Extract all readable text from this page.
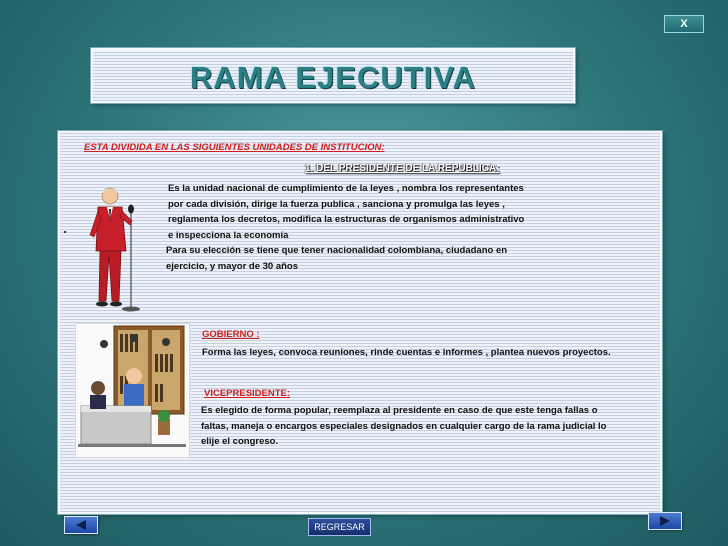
X
RAMA EJECUTIVA
ESTA DIVIDIDA EN LAS SIGUIENTES UNIDADES DE INSTITUCION:
1. DEL PRESIDENTE DE LA REPUBLICA:
Es la unidad nacional de cumplimiento de la leyes , nombra los representantes
por cada división, dirige la fuerza publica , sanciona y promulga las leyes ,
reglamenta los decretos, modifica la estructuras de organismos administrativo
e inspecciona la economía
Para su elección se tiene que tener nacionalidad colombiana, ciudadano en
ejercicio, y mayor de 30 años
GOBIERNO :
Forma las leyes, convoca reuniones, rinde cuentas e informes , plantea nuevos proyectos.
VICEPRESIDENTE:
Es elegido de forma popular, reemplaza al presidente en caso de que este tenga fallas o
faltas, maneja o encargos especiales designados en cualquier cargo de la rama judicial lo
elije el congreso.
REGRESAR
